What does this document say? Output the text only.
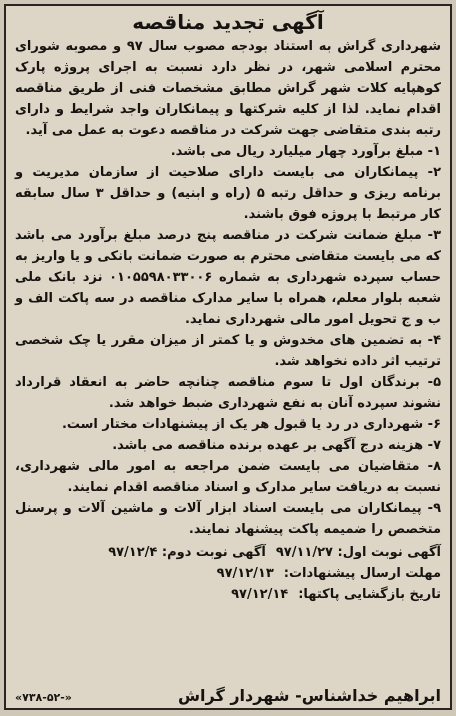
آگهی تجدید مناقصه

شهرداری گراش به استناد بودجه مصوب سال ۹۷ و مصوبه شورای محترم اسلامی شهر، در نظر دارد نسبت به اجرای پروژه پارک کوهپایه کلات شهر گراش مطابق مشخصات فنی از طریق مناقصه اقدام نماید. لذا از کلیه شرکتها و پیمانکاران واجد شرایط و دارای رتبه بندی متقاضی جهت شرکت در مناقصه دعوت به عمل می آید.

۱- مبلغ برآورد چهار میلیارد ریال می باشد.

۲- پیمانکاران می بایست دارای صلاحیت از سازمان مدیریت و برنامه ریزی و حداقل رتبه ۵ (راه و ابنیه) و حداقل ۳ سال سابقه کار مرتبط با پروژه فوق باشند.

۳- مبلغ ضمانت شرکت در مناقصه پنج درصد مبلغ برآورد می باشد که می بایست متقاضی محترم به صورت ضمانت بانکی و یا واریز به حساب سپرده شهرداری به شماره ۰۱۰۵۵۹۸۰۳۳۰۰۶ نزد بانک ملی شعبه بلوار معلم، همراه با سایر مدارک مناقصه در سه پاکت الف و ب و ج تحویل امور مالی شهرداری نماید.

۴- به تضمین های مخدوش و یا کمتر از میزان مقرر یا چک شخصی ترتیب اثر داده نخواهد شد.

۵- برندگان اول تا سوم مناقصه چنانچه حاضر به انعقاد قرارداد نشوند سپرده آنان به نفع شهرداری ضبط خواهد شد.

۶- شهرداری در رد یا قبول هر یک از پیشنهادات مختار است.

۷- هزینه درج آگهی بر عهده برنده مناقصه می باشد.

۸- متقاضیان می بایست ضمن مراجعه به امور مالی شهرداری، نسبت به دریافت سایر مدارک و اسناد مناقصه اقدام نمایند.

۹- پیمانکاران می بایست اسناد ابزار آلات و ماشین آلات و پرسنل متخصص را ضمیمه پاکت پیشنهاد نمایند.

آگهی نوبت اول: ۹۷/۱۱/۲۷
آگهی نوبت دوم: ۹۷/۱۲/۴
مهلت ارسال پیشنهادات:
۹۷/۱۲/۱۳
تاریخ بازگشایی پاکتها:
۹۷/۱۲/۱۴
ابراهیم خداشناس- شهردار گراش
«۷۳۸-۵۲-»
